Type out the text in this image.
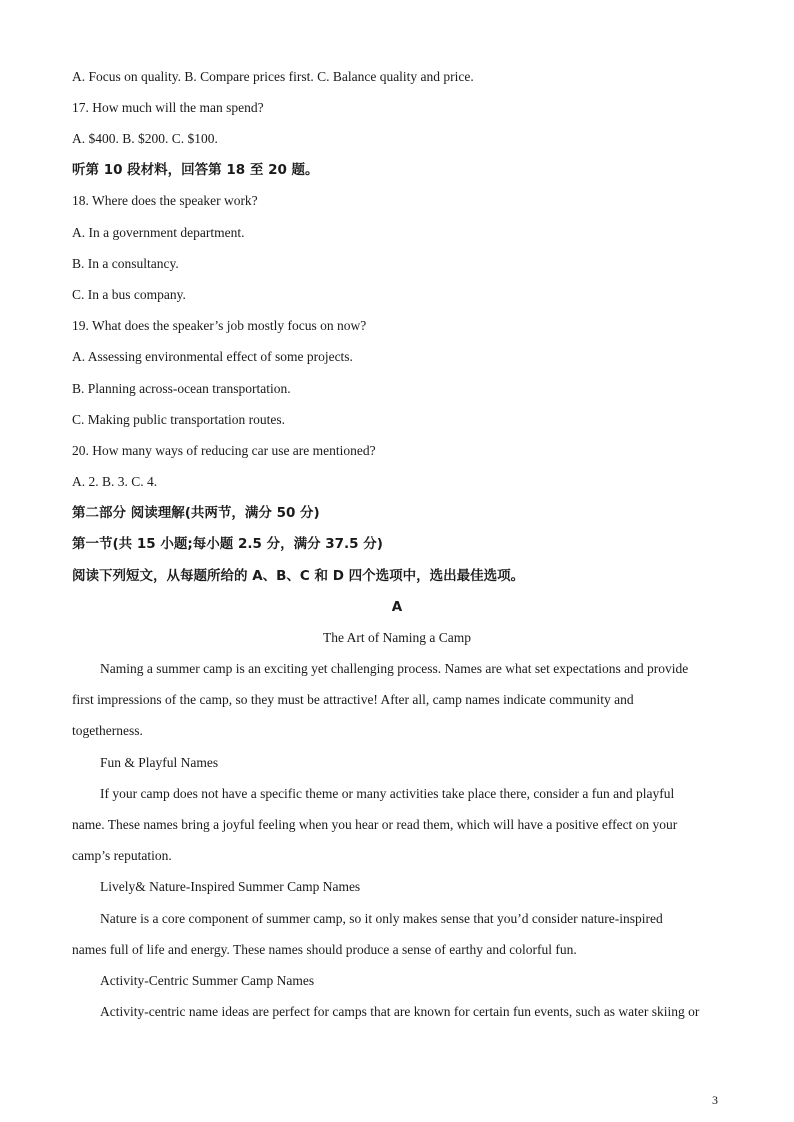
A. Focus on quality. B. Compare prices first. C. Balance quality and price.
17. How much will the man spend?
A. $400. B. $200. C. $100.
听第 10 段材料，回答第 18 至 20 题。
18. Where does the speaker work?
A. In a government department.
B. In a consultancy.
C. In a bus company.
19. What does the speaker’s job mostly focus on now?
A. Assessing environmental effect of some projects.
B. Planning across-ocean transportation.
C. Making public transportation routes.
20. How many ways of reducing car use are mentioned?
A. 2. B. 3. C. 4.
第二部分 阅读理解(共两节，满分 50 分)
第一节(共 15 小题;每小题 2.5 分，满分 37.5 分)
阅读下列短文，从每题所给的 A、B、C 和 D 四个选项中，选出最佳选项。
A
The Art of Naming a Camp
Naming a summer camp is an exciting yet challenging process. Names are what set expectations and provide
first impressions of the camp, so they must be attractive! After all, camp names indicate community and
togetherness.
Fun & Playful Names
If your camp does not have a specific theme or many activities take place there, consider a fun and playful
name. These names bring a joyful feeling when you hear or read them, which will have a positive effect on your
camp’s reputation.
Lively& Nature-Inspired Summer Camp Names
Nature is a core component of summer camp, so it only makes sense that you’d consider nature-inspired
names full of life and energy. These names should produce a sense of earthy and colorful fun.
Activity-Centric Summer Camp Names
Activity-centric name ideas are perfect for camps that are known for certain fun events, such as water skiing or
3
